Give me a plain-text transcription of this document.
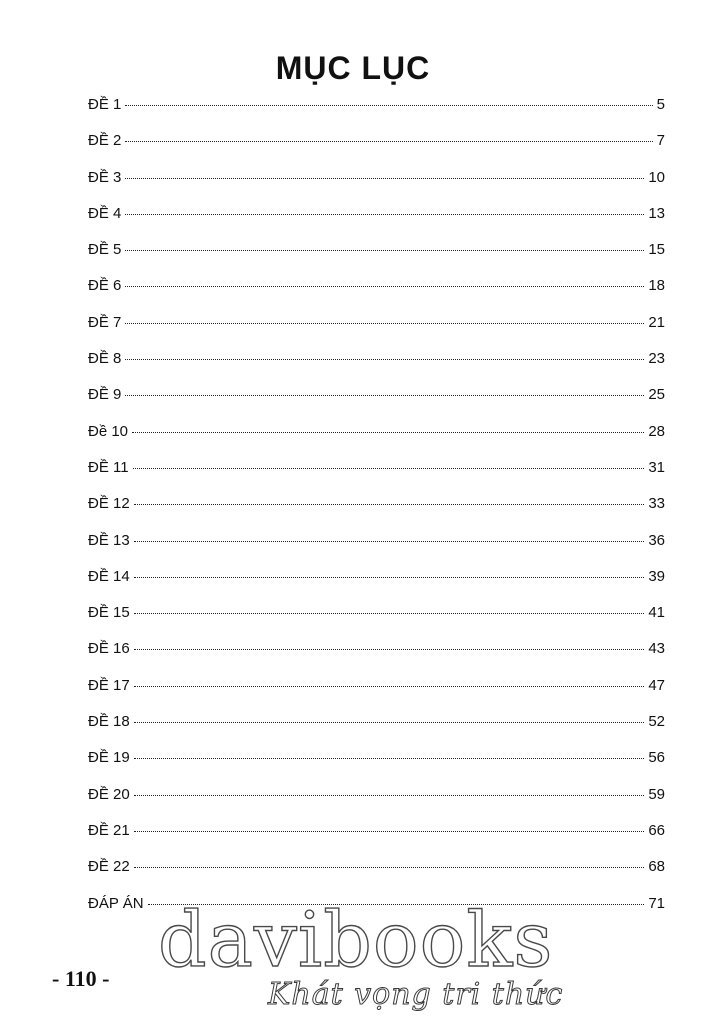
MỤC LỤC
ĐỀ 1	5
ĐỀ 2	7
ĐỀ 3	10
ĐỀ 4	13
ĐỀ 5	15
ĐỀ 6	18
ĐỀ 7	21
ĐỀ 8	23
ĐỀ 9	25
Đề 10	28
ĐỀ 11	31
ĐỀ 12	33
ĐỀ 13	36
ĐỀ 14	39
ĐỀ 15	41
ĐỀ 16	43
ĐỀ 17	47
ĐỀ 18	52
ĐỀ 19	56
ĐỀ 20	59
ĐỀ 21	66
ĐỀ 22	68
ĐÁP ÁN	71
- 110 - davibooks
Khát vọng tri thức
